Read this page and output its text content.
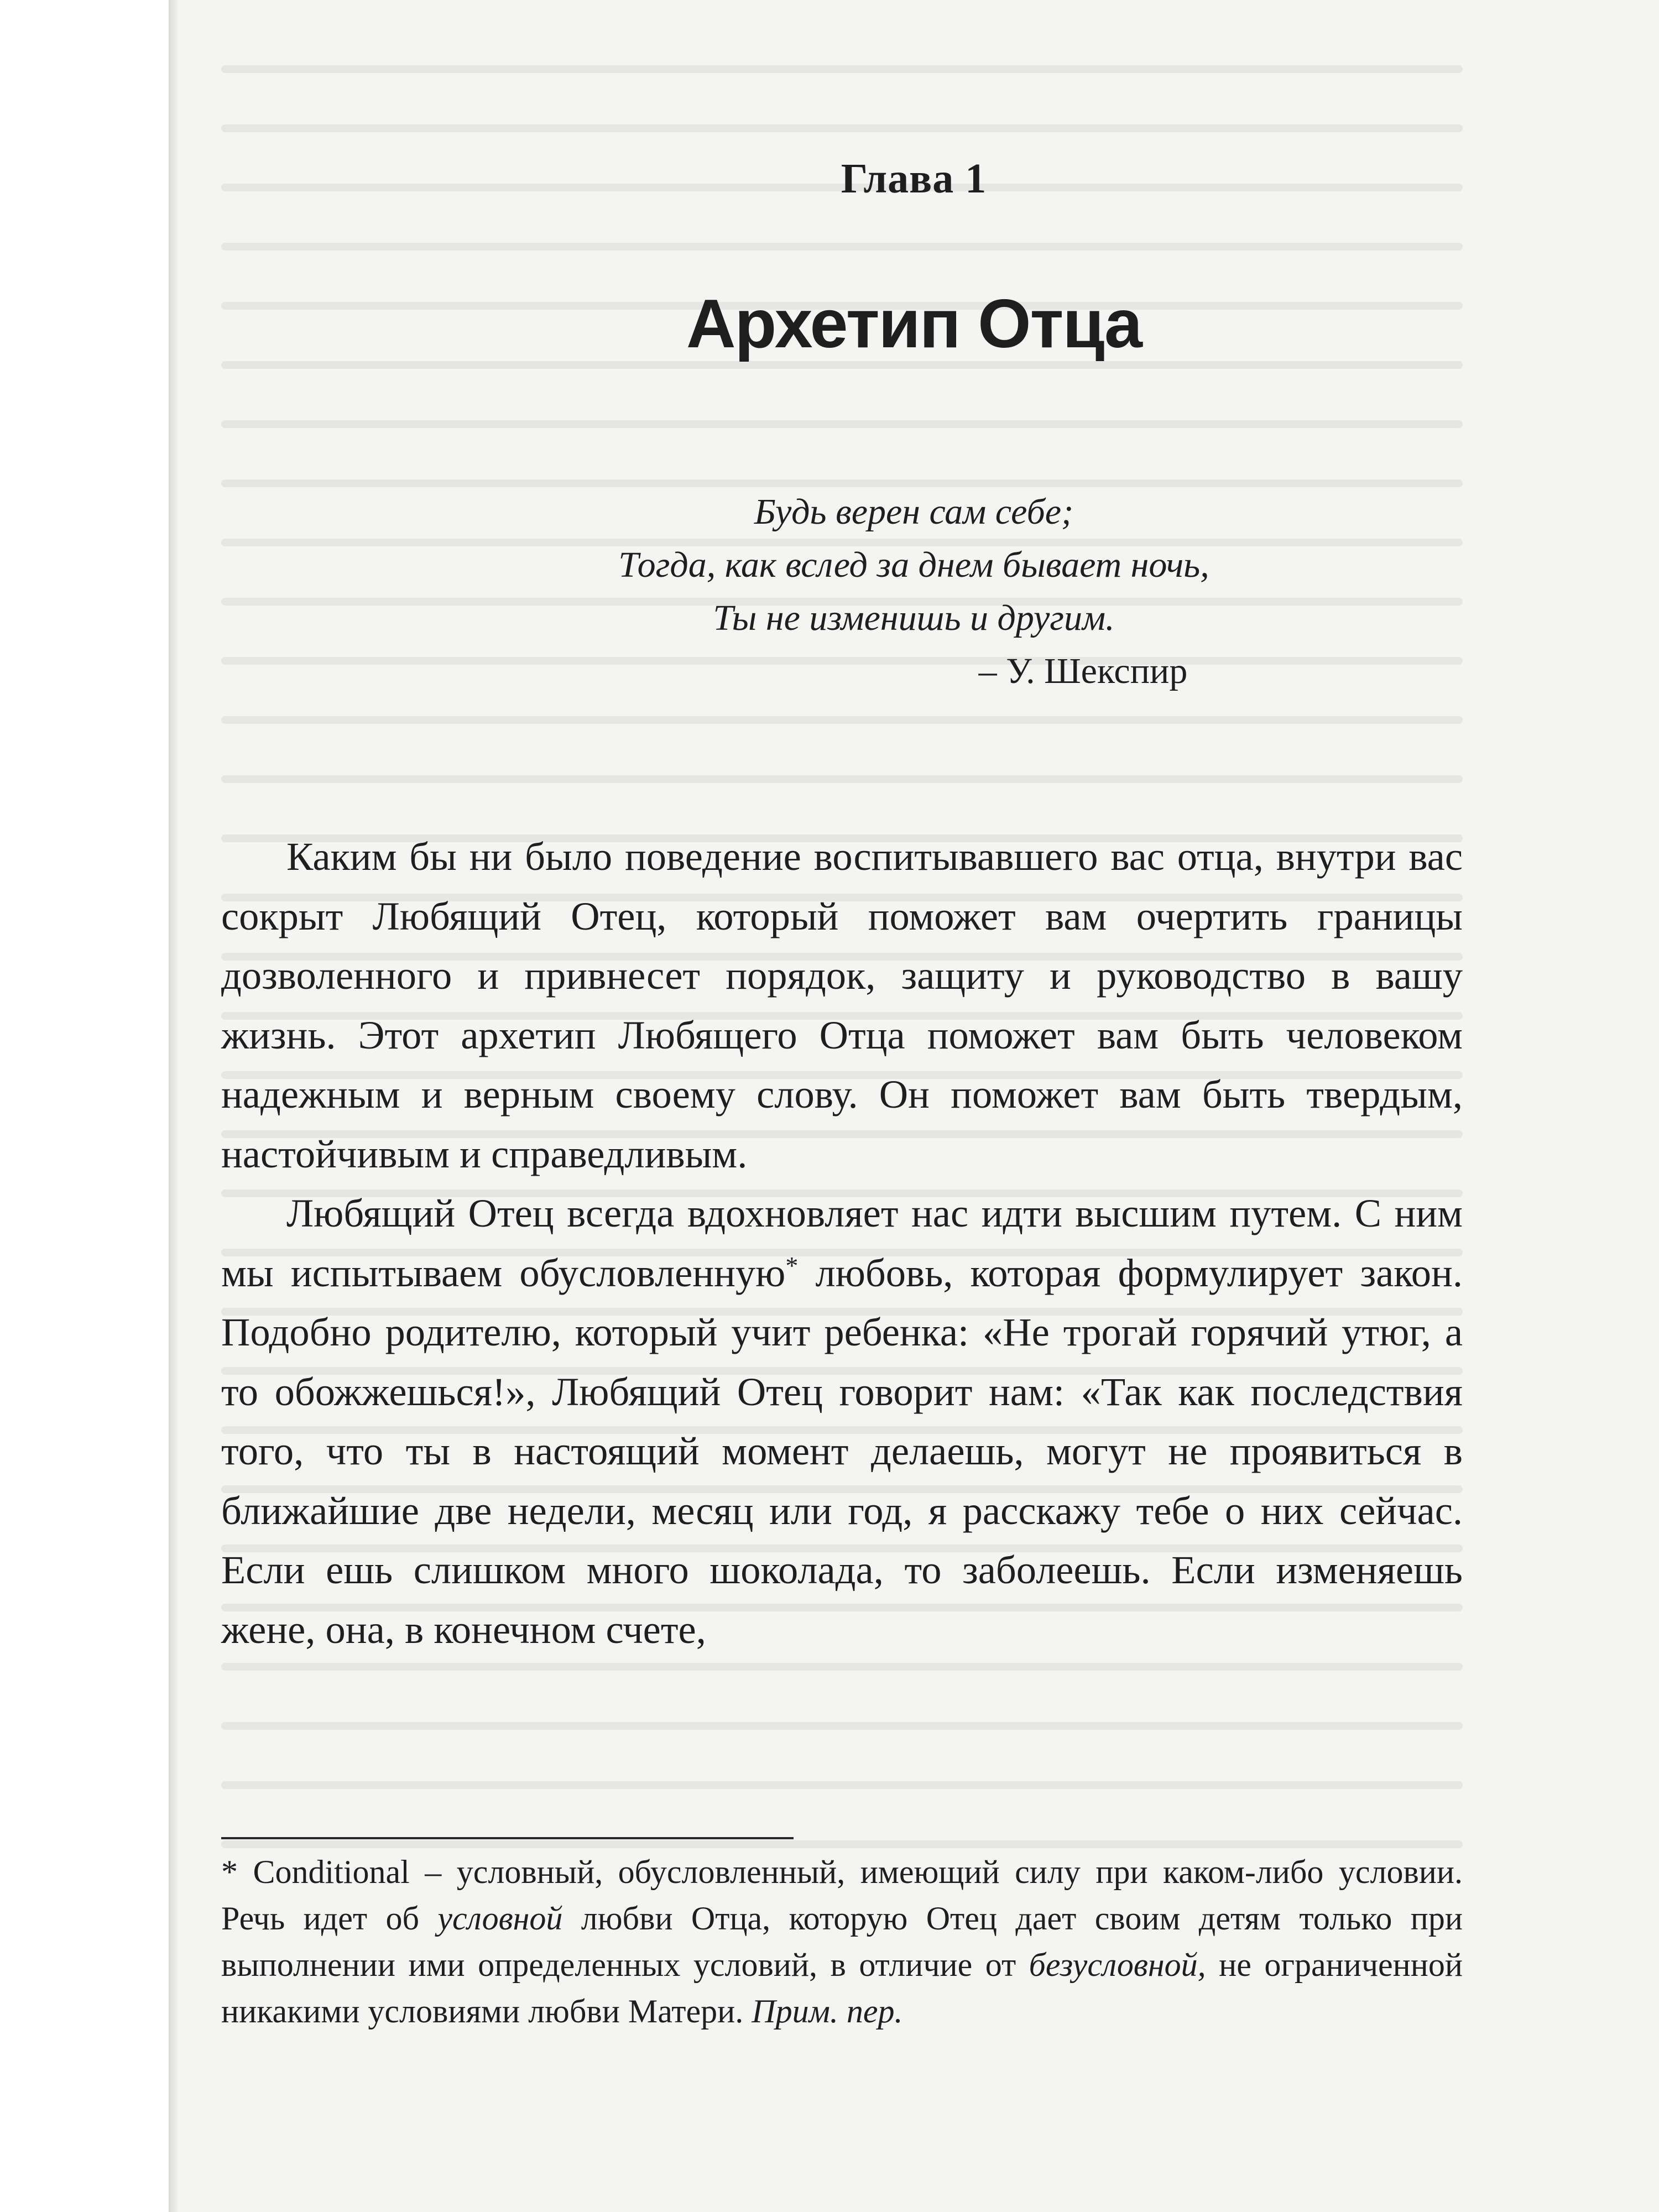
Глава 1
Архетип Отца
Будь верен сам себе;
Тогда, как вслед за днем бывает ночь,
Ты не изменишь и другим.
– У. Шекспир

Каким бы ни было поведение воспитывавшего вас отца, внутри вас сокрыт Любящий Отец, который поможет вам очертить границы дозволенного и привнесет порядок, защиту и руководство в вашу жизнь. Этот архетип Любящего Отца поможет вам быть человеком надежным и верным своему слову. Он поможет вам быть твердым, настойчивым и справедливым.

Любящий Отец всегда вдохновляет нас идти высшим путем. С ним мы испытываем обусловленную* любовь, которая формулирует закон. Подобно родителю, который учит ребенка: «Не трогай горячий утюг, а то обожжешься!», Любящий Отец говорит нам: «Так как последствия того, что ты в настоящий момент делаешь, могут не проявиться в ближайшие две недели, месяц или год, я расскажу тебе о них сейчас. Если ешь слишком много шоколада, то заболеешь. Если изменяешь жене, она, в конечном счете,

* Conditional – условный, обусловленный, имеющий силу при каком-либо условии. Речь идет об условной любви Отца, которую Отец дает своим детям только при выполнении ими определенных условий, в отличие от безусловной, не ограниченной никакими условиями любви Матери. Прим. пер.
